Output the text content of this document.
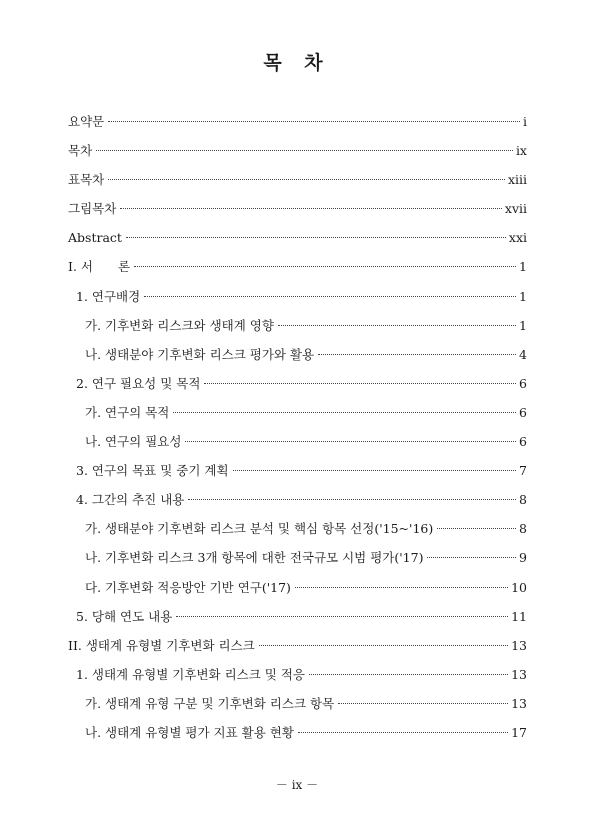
목 차
요약문	i
목차	ix
표목차	xiii
그림목차	xvii
Abstract	xxi
I. 서　　론	1
1. 연구배경	1
가. 기후변화 리스크와 생태계 영향	1
나. 생태분야 기후변화 리스크 평가와 활용	4
2. 연구 필요성 및 목적	6
가. 연구의 목적	6
나. 연구의 필요성	6
3. 연구의 목표 및 중기 계획	7
4. 그간의 추진 내용	8
가. 생태분야 기후변화 리스크 분석 및 핵심 항목 선정('15~'16)	8
나. 기후변화 리스크 3개 항목에 대한 전국규모 시범 평가('17)	9
다. 기후변화 적응방안 기반 연구('17)	10
5. 당해 연도 내용	11
II. 생태계 유형별 기후변화 리스크	13
1. 생태계 유형별 기후변화 리스크 및 적응	13
가. 생태계 유형 구분 및 기후변화 리스크 항목	13
나. 생태계 유형별 평가 지표 활용 현황	17
－ ix －
